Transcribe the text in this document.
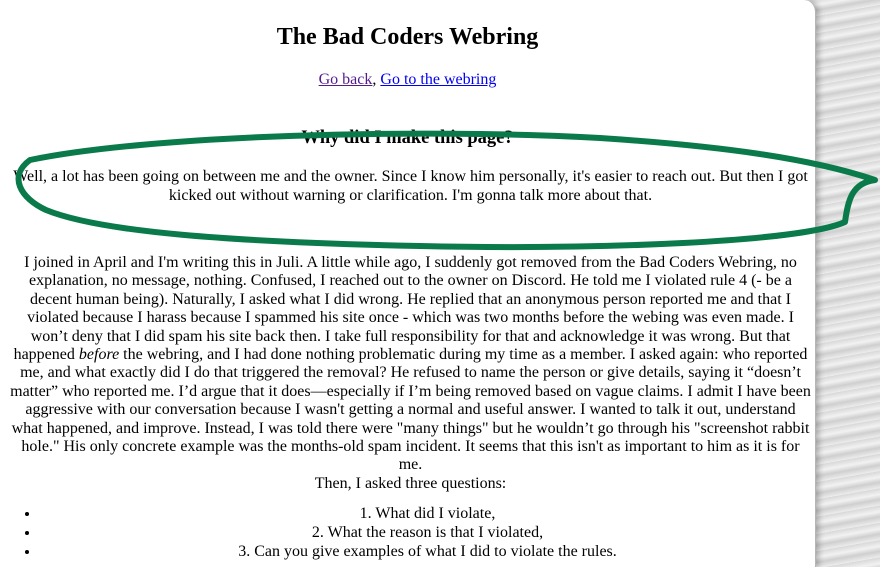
The Bad Coders Webring
Go back, Go to the webring
Why did I make this page?

Well, a lot has been going on between me and the owner. Since I know him personally, it's easier to reach out. But then I got kicked out without warning or clarification. I'm gonna talk more about that.

I joined in April and I'm writing this in Juli. A little while ago, I suddenly got removed from the Bad Coders Webring, no explanation, no message, nothing. Confused, I reached out to the owner on Discord. He told me I violated rule 4 (- be a decent human being). Naturally, I asked what I did wrong. He replied that an anonymous person reported me and that I violated because I harass because I spammed his site once - which was two months before the webing was even made. I won’t deny that I did spam his site back then. I take full responsibility for that and acknowledge it was wrong. But that happened before the webring, and I had done nothing problematic during my time as a member. I asked again: who reported me, and what exactly did I do that triggered the removal? He refused to name the person or give details, saying it “doesn’t matter” who reported me. I’d argue that it does—especially if I’m being removed based on vague claims. I admit I have been aggressive with our conversation because I wasn't getting a normal and useful answer. I wanted to talk it out, understand what happened, and improve. Instead, I was told there were "many things" but he wouldn’t go through his "screenshot rabbit hole." His only concrete example was the months-old spam incident. It seems that this isn't as important to him as it is for me.
Then, I asked three questions:

• 1. What did I violate,
• 2. What the reason is that I violated,
• 3. Can you give examples of what I did to violate the rules.
